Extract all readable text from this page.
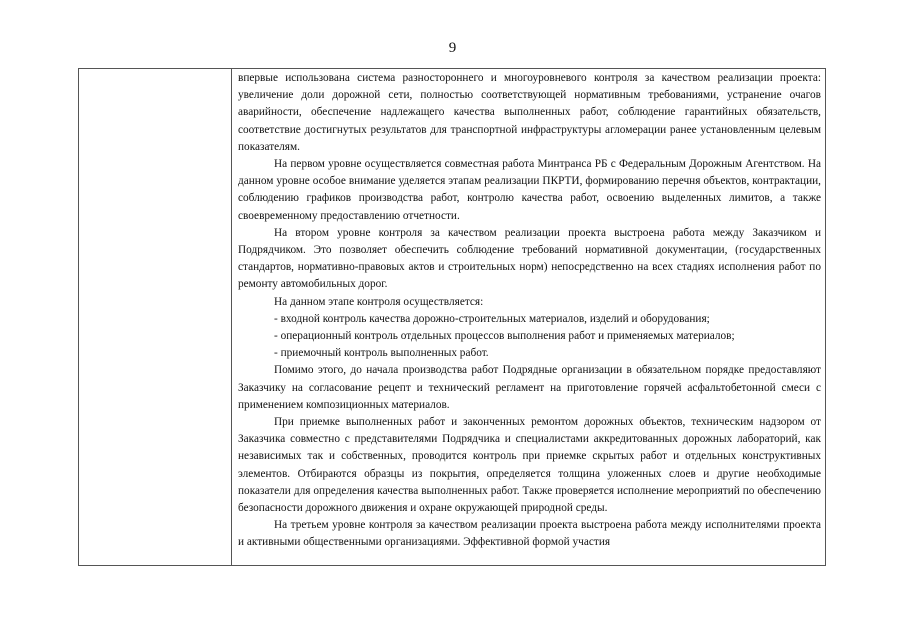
9

впервые использована система разностороннего и многоуровневого контроля за качеством реализации проекта: увеличение доли дорожной сети, полностью соответствующей нормативным требованиями, устранение очагов аварийности, обеспечение надлежащего качества выполненных работ, соблюдение гарантийных обязательств, соответствие достигнутых результатов для транспортной инфраструктуры агломерации ранее установленным целевым показателям.

На первом уровне осуществляется совместная работа Минтранса РБ с Федеральным Дорожным Агентством. На данном уровне особое внимание уделяется этапам реализации ПКРТИ, формированию перечня объектов, контрактации, соблюдению графиков производства работ, контролю качества работ, освоению выделенных лимитов, а также своевременному предоставлению отчетности.

На втором уровне контроля за качеством реализации проекта выстроена работа между Заказчиком и Подрядчиком. Это позволяет обеспечить соблюдение требований нормативной документации, (государственных стандартов, нормативно-правовых актов и строительных норм) непосредственно на всех стадиях исполнения работ по ремонту автомобильных дорог.

На данном этапе контроля осуществляется:

- входной контроль качества дорожно-строительных материалов, изделий и оборудования;

- операционный контроль отдельных процессов выполнения работ и применяемых материалов;

- приемочный контроль выполненных работ.

Помимо этого, до начала производства работ Подрядные организации в обязательном порядке предоставляют Заказчику на согласование рецепт и технический регламент на приготовление горячей асфальтобетонной смеси с применением композиционных материалов.

При приемке выполненных работ и законченных ремонтом дорожных объектов, техническим надзором от Заказчика совместно с представителями Подрядчика и специалистами аккредитованных дорожных лабораторий, как независимых так и собственных, проводится контроль при приемке скрытых работ и отдельных конструктивных элементов. Отбираются образцы из покрытия, определяется толщина уложенных слоев и другие необходимые показатели для определения качества выполненных работ. Также проверяется исполнение мероприятий по обеспечению безопасности дорожного движения и охране окружающей природной среды.

На третьем уровне контроля за качеством реализации проекта выстроена работа между исполнителями проекта и активными общественными организациями. Эффективной формой участия
